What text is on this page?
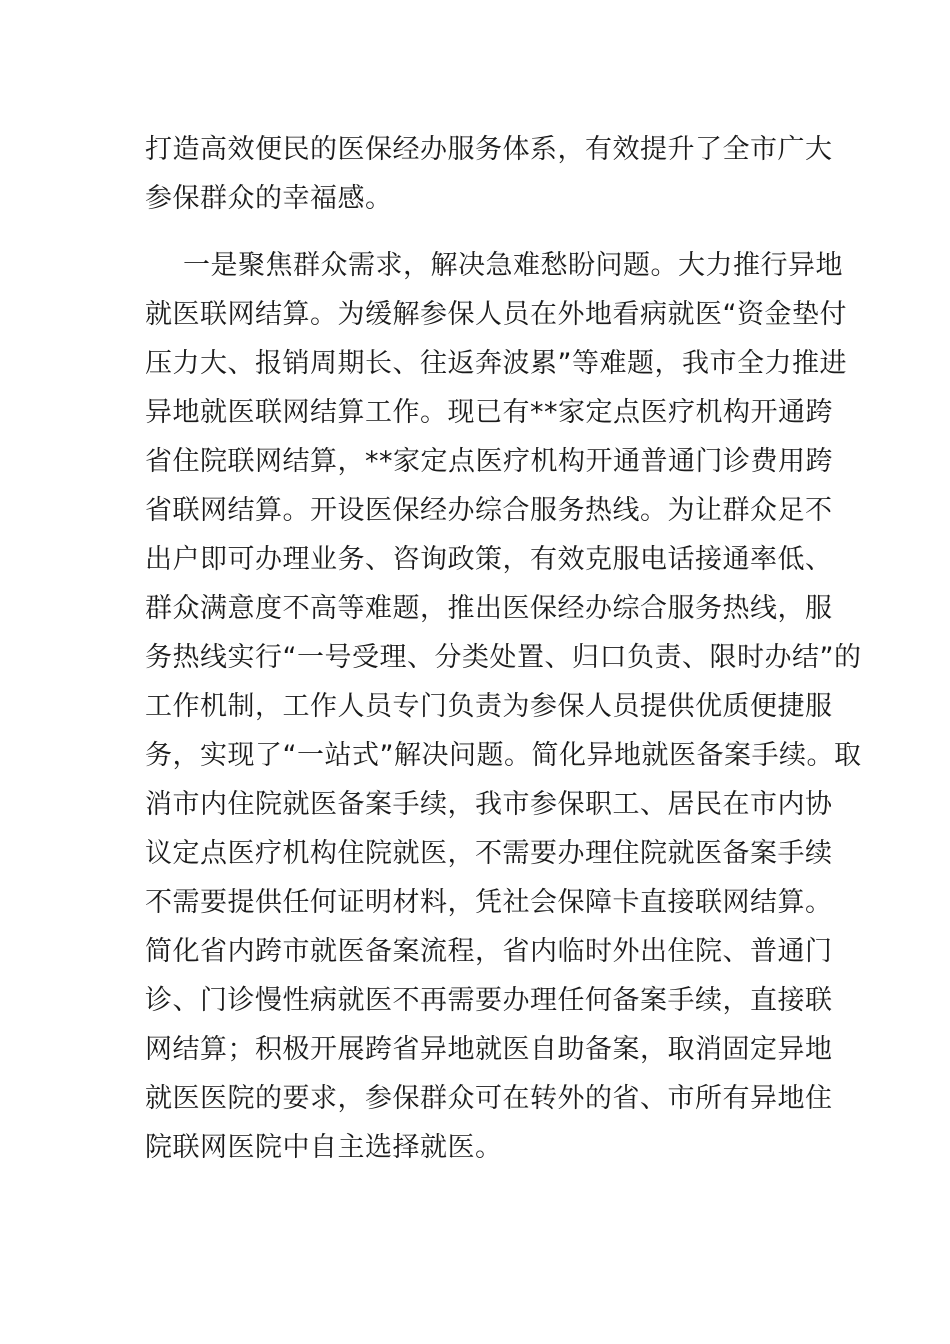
打造高效便民的医保经办服务体系，有效提升了全市广大
参保群众的幸福感。
一是聚焦群众需求，解决急难愁盼问题。大力推行异地
就医联网结算。为缓解参保人员在外地看病就医“资金垫付
压力大、报销周期长、往返奔波累”等难题，我市全力推进
异地就医联网结算工作。现已有**家定点医疗机构开通跨
省住院联网结算，**家定点医疗机构开通普通门诊费用跨
省联网结算。开设医保经办综合服务热线。为让群众足不
出户即可办理业务、咨询政策，有效克服电话接通率低、
群众满意度不高等难题，推出医保经办综合服务热线，服
务热线实行“一号受理、分类处置、归口负责、限时办结”的
工作机制，工作人员专门负责为参保人员提供优质便捷服
务，实现了“一站式”解决问题。简化异地就医备案手续。取
消市内住院就医备案手续，我市参保职工、居民在市内协
议定点医疗机构住院就医，不需要办理住院就医备案手续
不需要提供任何证明材料，凭社会保障卡直接联网结算。
简化省内跨市就医备案流程，省内临时外出住院、普通门
诊、门诊慢性病就医不再需要办理任何备案手续，直接联
网结算；积极开展跨省异地就医自助备案，取消固定异地
就医医院的要求，参保群众可在转外的省、市所有异地住
院联网医院中自主选择就医。
